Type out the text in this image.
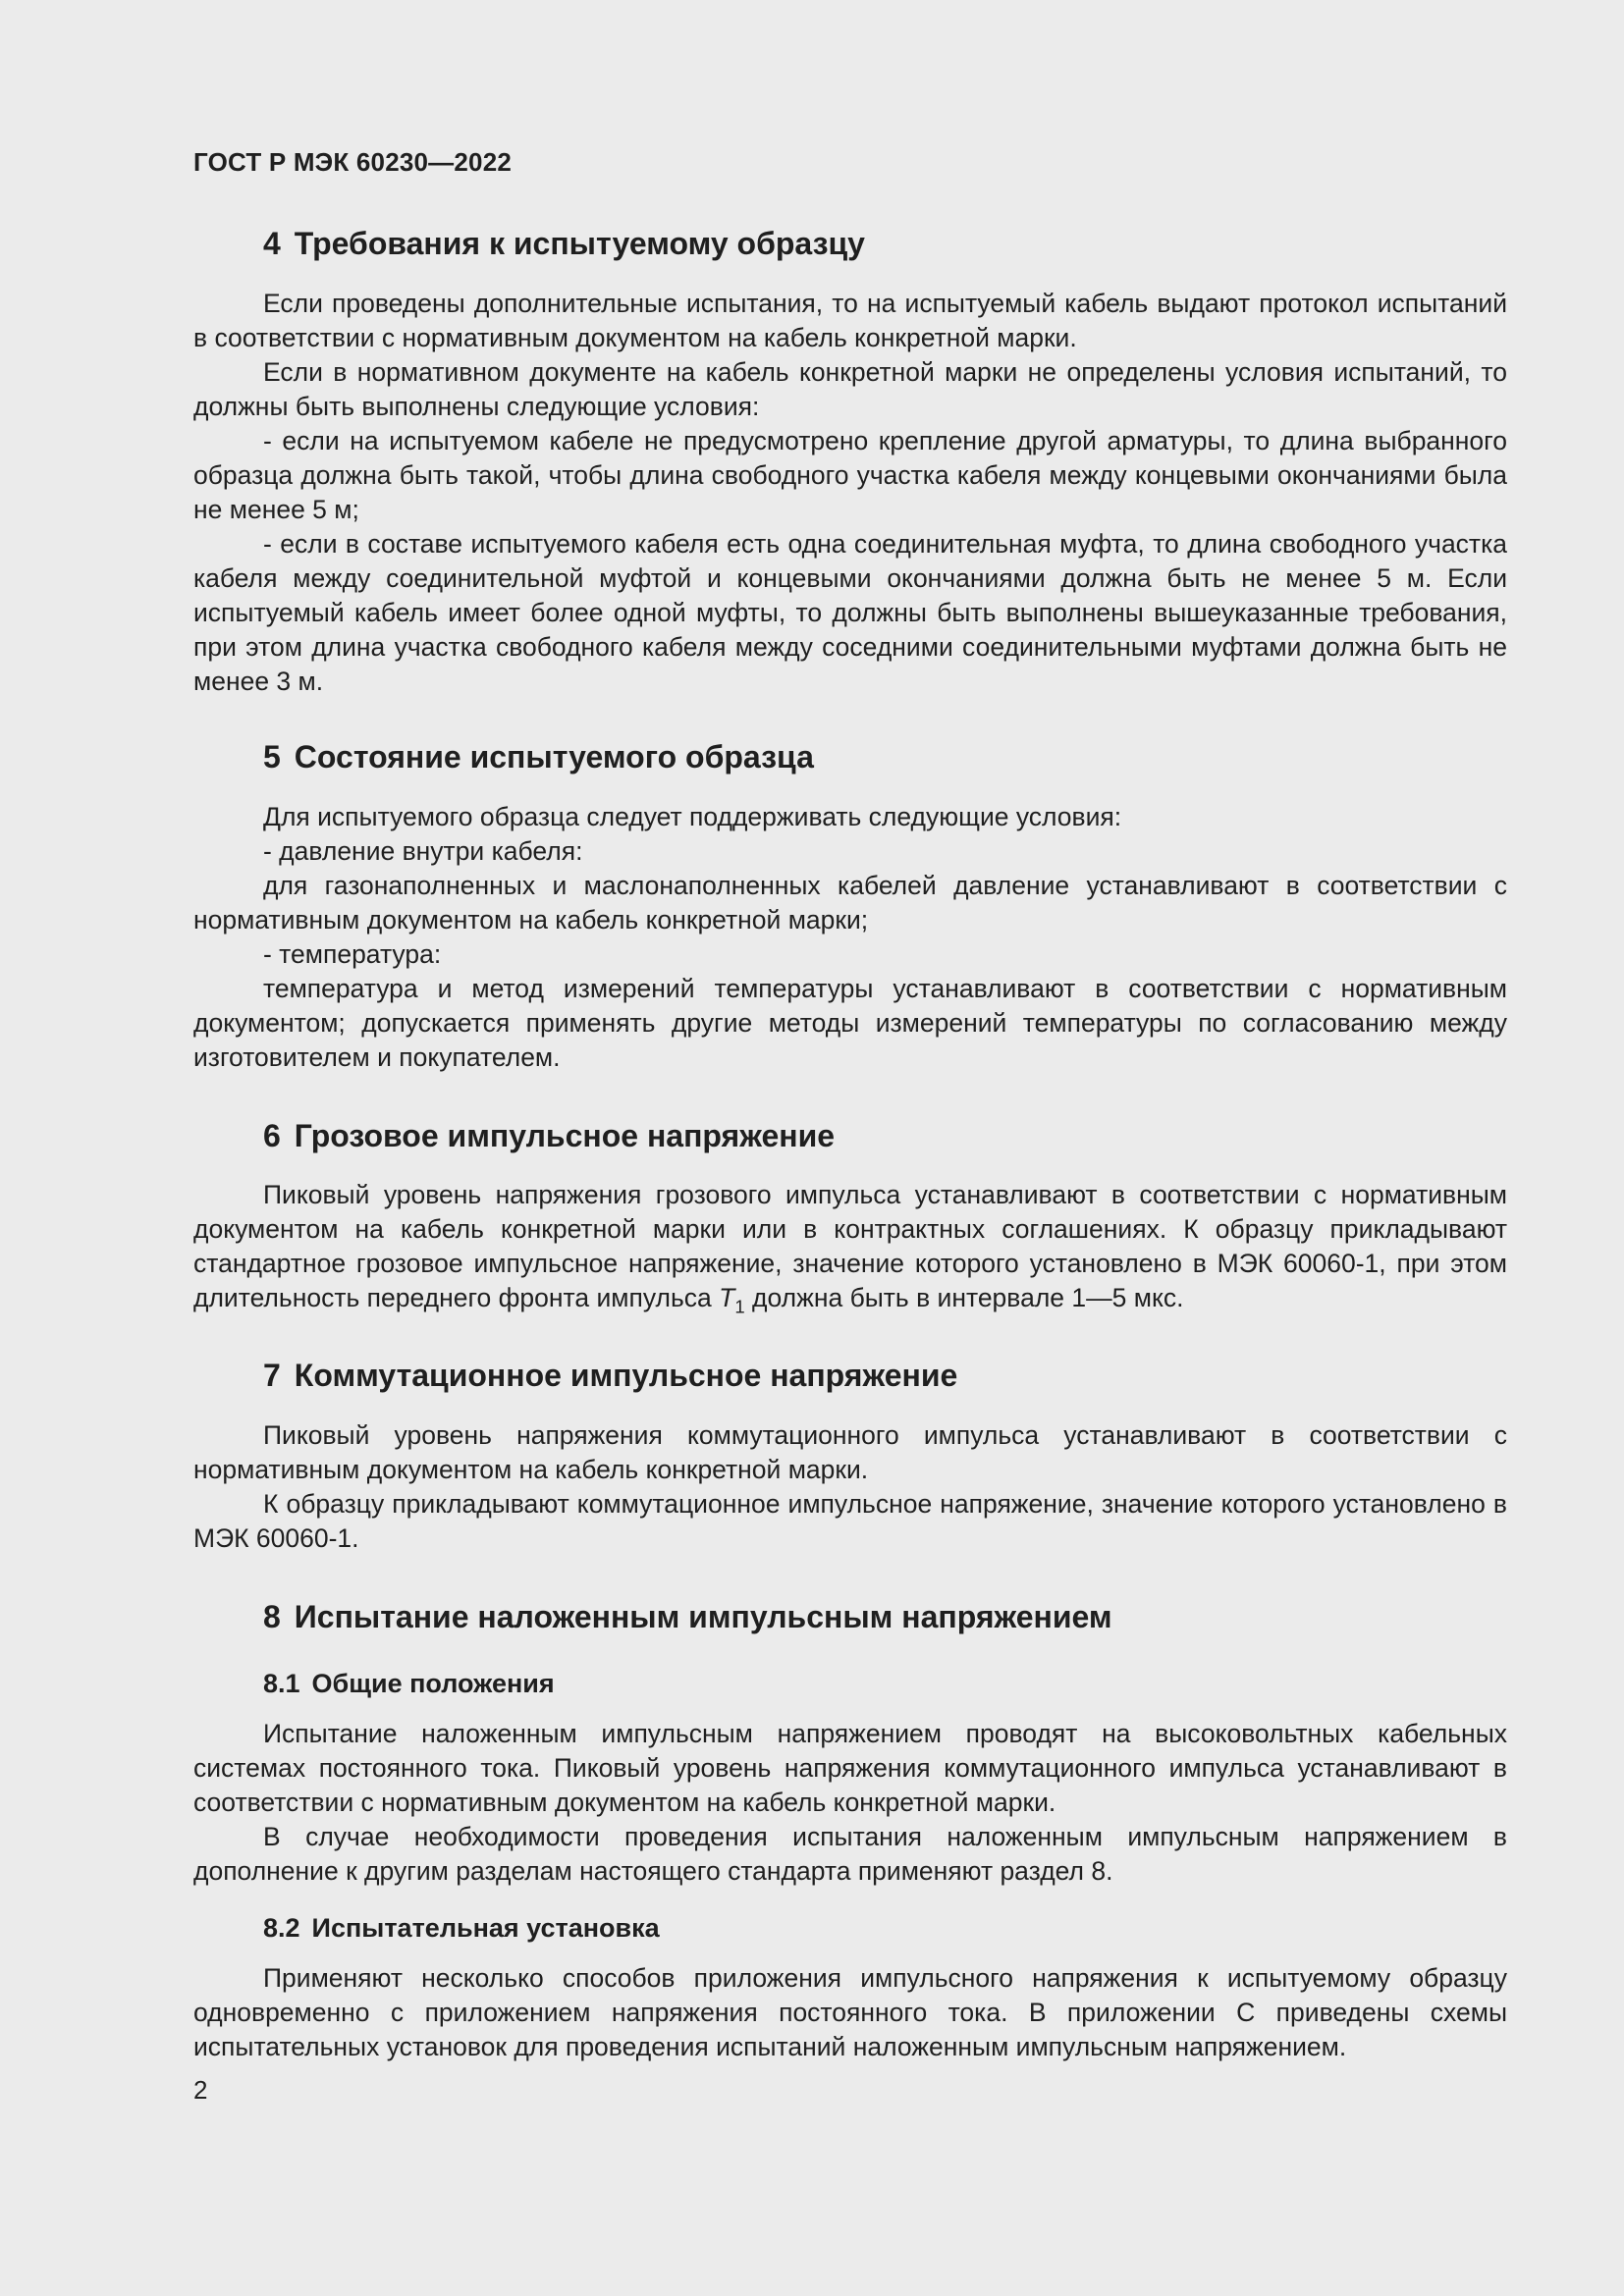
ГОСТ Р МЭК 60230—2022
4 Требования к испытуемому образцу

Если проведены дополнительные испытания, то на испытуемый кабель выдают протокол испытаний в соответствии с нормативным документом на кабель конкретной марки.

Если в нормативном документе на кабель конкретной марки не определены условия испытаний, то должны быть выполнены следующие условия:

- если на испытуемом кабеле не предусмотрено крепление другой арматуры, то длина выбранного образца должна быть такой, чтобы длина свободного участка кабеля между концевыми окончаниями была не менее 5 м;

- если в составе испытуемого кабеля есть одна соединительная муфта, то длина свободного участка кабеля между соединительной муфтой и концевыми окончаниями должна быть не менее 5 м. Если испытуемый кабель имеет более одной муфты, то должны быть выполнены вышеуказанные требования, при этом длина участка свободного кабеля между соседними соединительными муфтами должна быть не менее 3 м.

5 Состояние испытуемого образца

Для испытуемого образца следует поддерживать следующие условия:

- давление внутри кабеля:

для газонаполненных и маслонаполненных кабелей давление устанавливают в соответствии с нормативным документом на кабель конкретной марки;

- температура:

температура и метод измерений температуры устанавливают в соответствии с нормативным документом; допускается применять другие методы измерений температуры по согласованию между изготовителем и покупателем.

6 Грозовое импульсное напряжение

Пиковый уровень напряжения грозового импульса устанавливают в соответствии с нормативным документом на кабель конкретной марки или в контрактных соглашениях. К образцу прикладывают стандартное грозовое импульсное напряжение, значение которого установлено в МЭК 60060-1, при этом длительность переднего фронта импульса $T_1$ должна быть в интервале 1—5 мкс.

7 Коммутационное импульсное напряжение

Пиковый уровень напряжения коммутационного импульса устанавливают в соответствии с нормативным документом на кабель конкретной марки.

К образцу прикладывают коммутационное импульсное напряжение, значение которого установлено в МЭК 60060-1.

8 Испытание наложенным импульсным напряжением
8.1 Общие положения

Испытание наложенным импульсным напряжением проводят на высоковольтных кабельных системах постоянного тока. Пиковый уровень напряжения коммутационного импульса устанавливают в соответствии с нормативным документом на кабель конкретной марки.

В случае необходимости проведения испытания наложенным импульсным напряжением в дополнение к другим разделам настоящего стандарта применяют раздел 8.

8.2 Испытательная установка

Применяют несколько способов приложения импульсного напряжения к испытуемому образцу одновременно с приложением напряжения постоянного тока. В приложении С приведены схемы испытательных установок для проведения испытаний наложенным импульсным напряжением.

2
